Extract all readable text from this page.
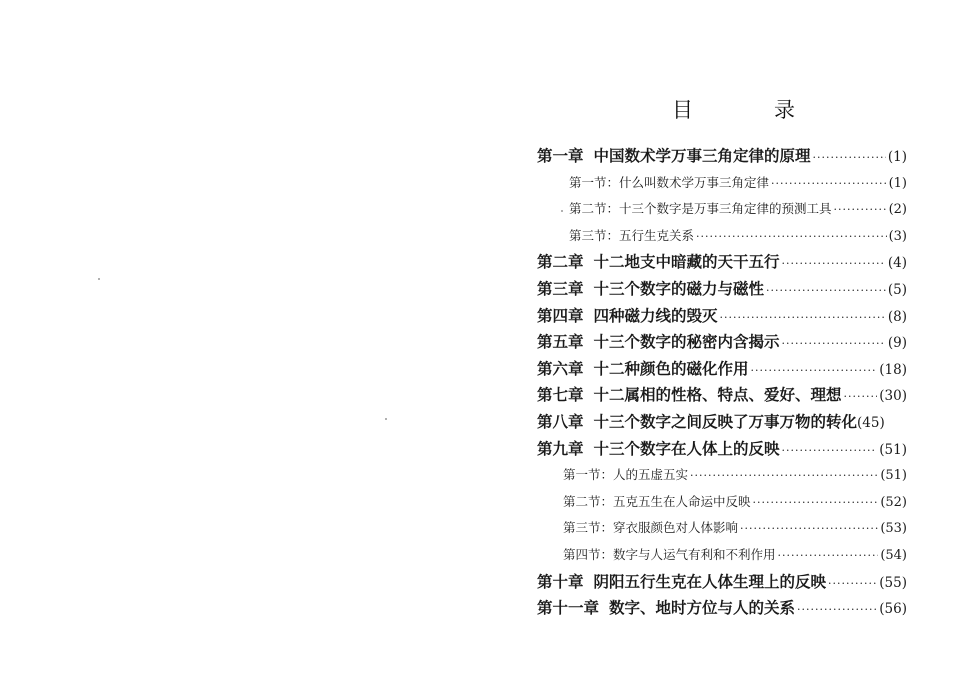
目　录
第一章 中国数术学万事三角定律的原理 ·····	(1)
第一节： 什么叫数术学万事三角定律 ·····	(1)
第二节： 十三个数字是万事三角定律的预测工具 ·····	(2)
第三节： 五行生克关系 ·····	(3)
第二章 十二地支中暗藏的天干五行 ·····	(4)
第三章 十三个数字的磁力与磁性 ·····	(5)
第四章 四种磁力线的毁灭 ·····	(8)
第五章 十三个数字的秘密内含揭示 ·····	(9)
第六章 十二种颜色的磁化作用 ·····	(18)
第七章 十二属相的性格、特点、爱好、理想 ·····	(30)
第八章 十三个数字之间反映了万事万物的转化 (45)
第九章 十三个数字在人体上的反映 ·····	(51)
第一节： 人的五虚五实 ·····	(51)
第二节： 五克五生在人命运中反映 ·····	(52)
第三节： 穿衣服颜色对人体影响 ·····	(53)
第四节： 数字与人运气有利和不利作用 ·····	(54)
第十章 阴阳五行生克在人体生理上的反映 ·····	(55)
第十一章 数字、地时方位与人的关系 ·····	(56)
